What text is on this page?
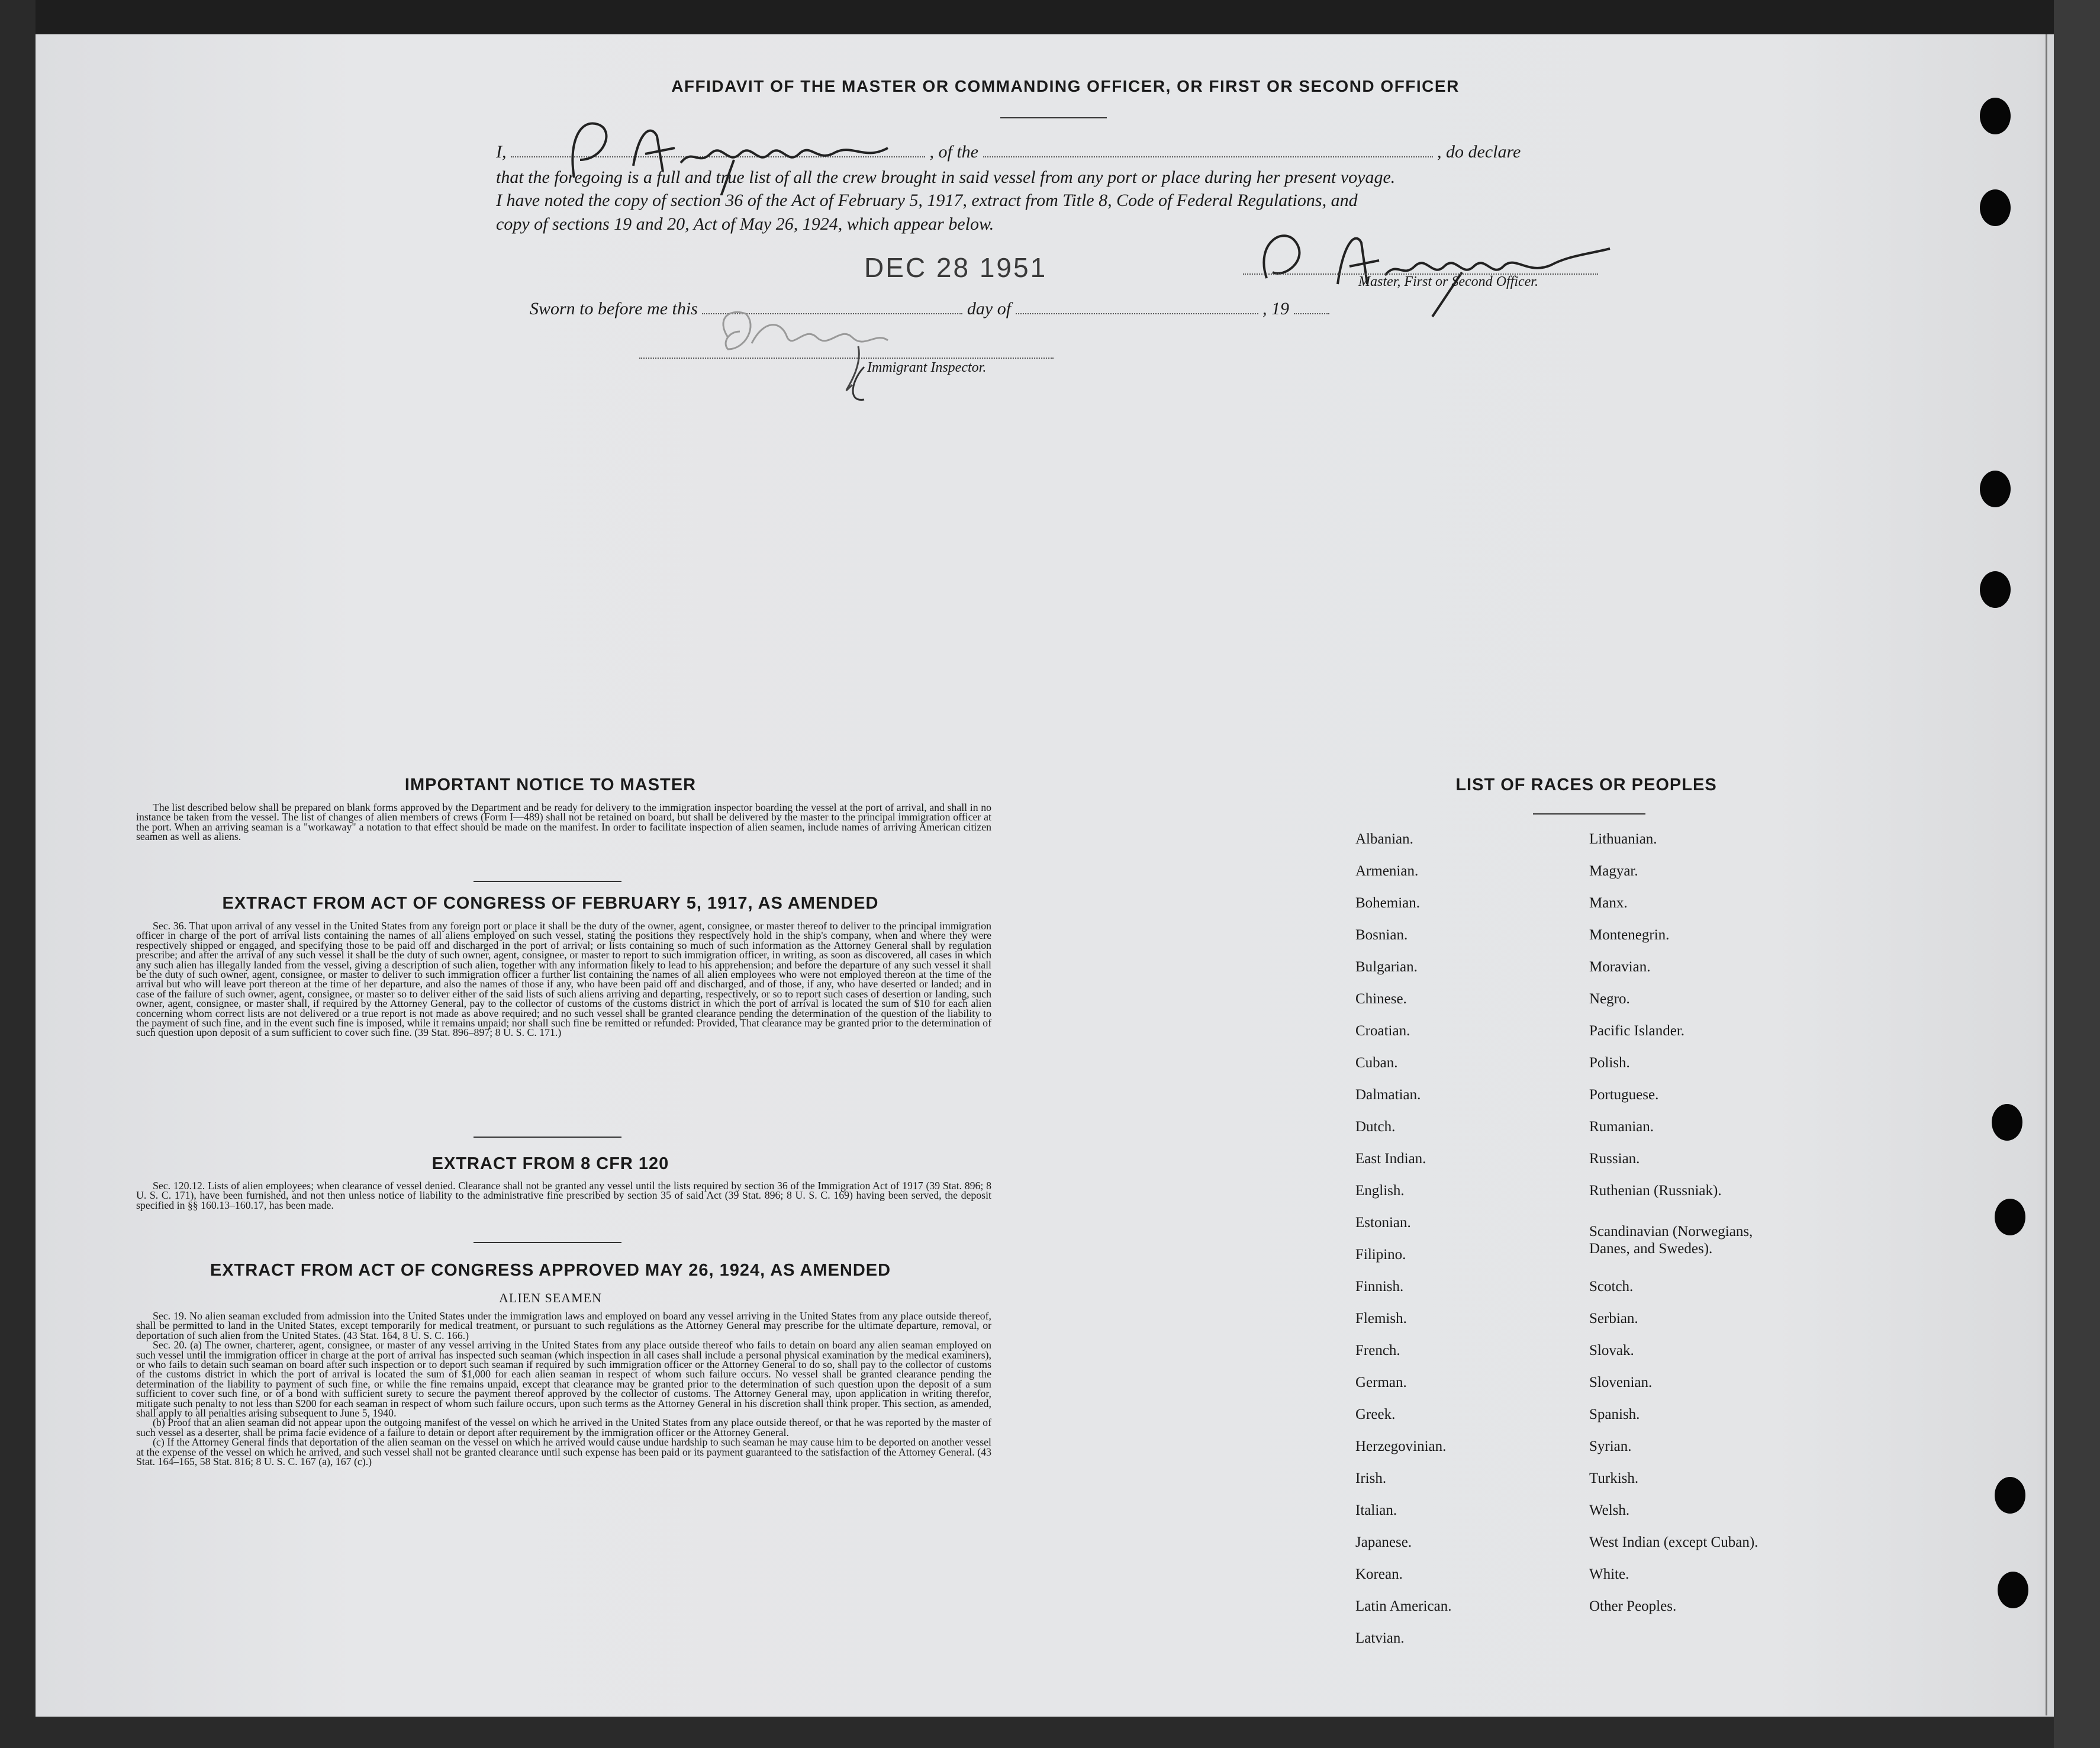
AFFIDAVIT OF THE MASTER OR COMMANDING OFFICER, OR FIRST OR SECOND OFFICER
I,	, of the	, do declare
that the foregoing is a full and true list of all the crew brought in said vessel from any port or place during her present voyage.
I have noted the copy of section 36 of the Act of February 5, 1917, extract from Title 8, Code of Federal Regulations, and
copy of sections 19 and 20, Act of May 26, 1924, which appear below.
DEC 28 1951	Master, First or Second Officer.
Sworn to before me this	day of	, 19
Immigrant Inspector.
IMPORTANT NOTICE TO MASTER

The list described below shall be prepared on blank forms approved by the Department and be ready for delivery to the immigration inspector boarding the vessel at the port of arrival, and shall in no instance be taken from the vessel. The list of changes of alien members of crews (Form I—489) shall not be retained on board, but shall be delivered by the master to the principal immigration officer at the port. When an arriving seaman is a "workaway" a notation to that effect should be made on the manifest. In order to facilitate inspection of alien seamen, include names of arriving American citizen seamen as well as aliens.

EXTRACT FROM ACT OF CONGRESS OF FEBRUARY 5, 1917, AS AMENDED

Sec. 36. That upon arrival of any vessel in the United States from any foreign port or place it shall be the duty of the owner, agent, consignee, or master thereof to deliver to the principal immigration officer in charge of the port of arrival lists containing the names of all aliens employed on such vessel, stating the positions they respectively hold in the ship's company, when and where they were respectively shipped or engaged, and specifying those to be paid off and discharged in the port of arrival; or lists containing so much of such information as the Attorney General shall by regulation prescribe; and after the arrival of any such vessel it shall be the duty of such owner, agent, consignee, or master to report to such immigration officer, in writing, as soon as discovered, all cases in which any such alien has illegally landed from the vessel, giving a description of such alien, together with any information likely to lead to his apprehension; and before the departure of any such vessel it shall be the duty of such owner, agent, consignee, or master to deliver to such immigration officer a further list containing the names of all alien employees who were not employed thereon at the time of the arrival but who will leave port thereon at the time of her departure, and also the names of those if any, who have been paid off and discharged, and of those, if any, who have deserted or landed; and in case of the failure of such owner, agent, consignee, or master so to deliver either of the said lists of such aliens arriving and departing, respectively, or so to report such cases of desertion or landing, such owner, agent, consignee, or master shall, if required by the Attorney General, pay to the collector of customs of the customs district in which the port of arrival is located the sum of $10 for each alien concerning whom correct lists are not delivered or a true report is not made as above required; and no such vessel shall be granted clearance pending the determination of the question of the liability to the payment of such fine, and in the event such fine is imposed, while it remains unpaid; nor shall such fine be remitted or refunded: Provided, That clearance may be granted prior to the determination of such question upon deposit of a sum sufficient to cover such fine. (39 Stat. 896–897; 8 U. S. C. 171.)

EXTRACT FROM 8 CFR 120

Sec. 120.12. Lists of alien employees; when clearance of vessel denied. Clearance shall not be granted any vessel until the lists required by section 36 of the Immigration Act of 1917 (39 Stat. 896; 8 U. S. C. 171), have been furnished, and not then unless notice of liability to the administrative fine prescribed by section 35 of said Act (39 Stat. 896; 8 U. S. C. 169) having been served, the deposit specified in §§ 160.13–160.17, has been made.

EXTRACT FROM ACT OF CONGRESS APPROVED MAY 26, 1924, AS AMENDED
ALIEN SEAMEN

Sec. 19. No alien seaman excluded from admission into the United States under the immigration laws and employed on board any vessel arriving in the United States from any place outside thereof, shall be permitted to land in the United States, except temporarily for medical treatment, or pursuant to such regulations as the Attorney General may prescribe for the ultimate departure, removal, or deportation of such alien from the United States. (43 Stat. 164, 8 U. S. C. 166.)

Sec. 20. (a) The owner, charterer, agent, consignee, or master of any vessel arriving in the United States from any place outside thereof who fails to detain on board any alien seaman employed on such vessel until the immigration officer in charge at the port of arrival has inspected such seaman (which inspection in all cases shall include a personal physical examination by the medical examiners), or who fails to detain such seaman on board after such inspection or to deport such seaman if required by such immigration officer or the Attorney General to do so, shall pay to the collector of customs of the customs district in which the port of arrival is located the sum of $1,000 for each alien seaman in respect of whom such failure occurs. No vessel shall be granted clearance pending the determination of the liability to payment of such fine, or while the fine remains unpaid, except that clearance may be granted prior to the determination of such question upon the deposit of a sum sufficient to cover such fine, or of a bond with sufficient surety to secure the payment thereof approved by the collector of customs. The Attorney General may, upon application in writing therefor, mitigate such penalty to not less than $200 for each seaman in respect of whom such failure occurs, upon such terms as the Attorney General in his discretion shall think proper. This section, as amended, shall apply to all penalties arising subsequent to June 5, 1940.

(b) Proof that an alien seaman did not appear upon the outgoing manifest of the vessel on which he arrived in the United States from any place outside thereof, or that he was reported by the master of such vessel as a deserter, shall be prima facie evidence of a failure to detain or deport after requirement by the immigration officer or the Attorney General.

(c) If the Attorney General finds that deportation of the alien seaman on the vessel on which he arrived would cause undue hardship to such seaman he may cause him to be deported on another vessel at the expense of the vessel on which he arrived, and such vessel shall not be granted clearance until such expense has been paid or its payment guaranteed to the satisfaction of the Attorney General. (43 Stat. 164–165, 58 Stat. 816; 8 U. S. C. 167 (a), 167 (c).)

LIST OF RACES OR PEOPLES
Albanian.
Armenian.
Bohemian.
Bosnian.
Bulgarian.
Chinese.
Croatian.
Cuban.
Dalmatian.
Dutch.
East Indian.
English.
Estonian.
Filipino.
Finnish.
Flemish.
French.
German.
Greek.
Herzegovinian.
Irish.
Italian.
Japanese.
Korean.
Latin American.
Latvian.
Lithuanian.
Magyar.
Manx.
Montenegrin.
Moravian.
Negro.
Pacific Islander.
Polish.
Portuguese.
Rumanian.
Russian.
Ruthenian (Russniak).
Scandinavian (Norwegians, Danes, and Swedes).
Scotch.
Serbian.
Slovak.
Slovenian.
Spanish.
Syrian.
Turkish.
Welsh.
West Indian (except Cuban).
White.
Other Peoples.
